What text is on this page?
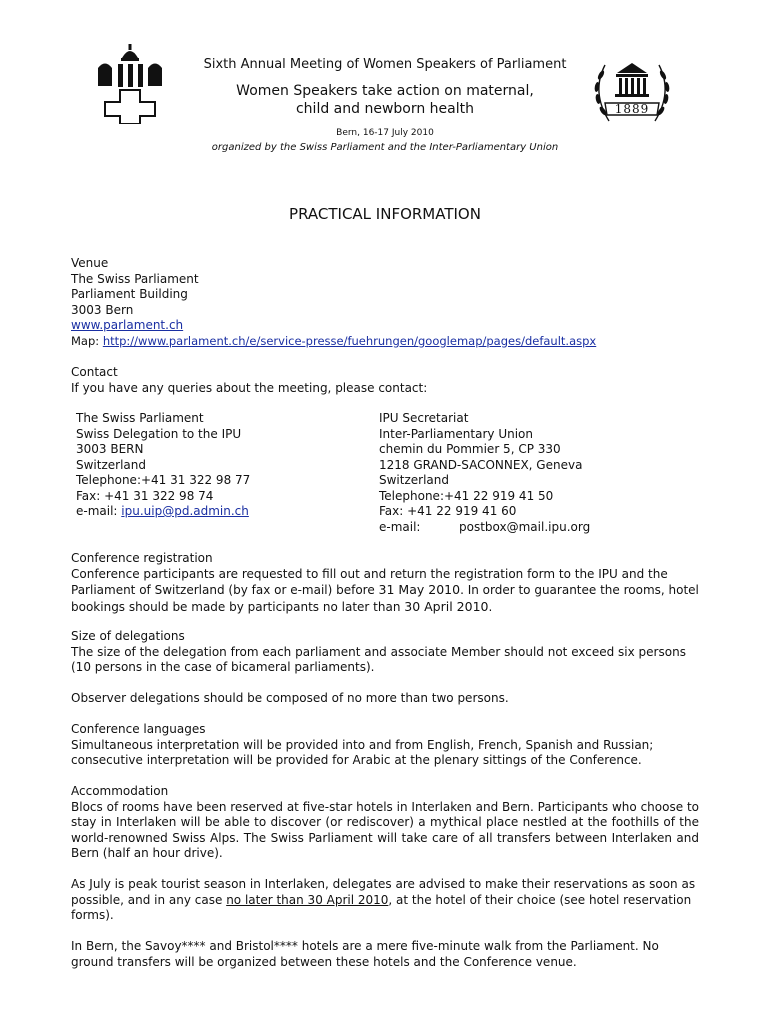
Sixth Annual Meeting of Women Speakers of Parliament
Women Speakers take action on maternal,
child and newborn health
Bern, 16-17 July 2010
organized by the Swiss Parliament and the Inter-Parliamentary Union
1889
PRACTICAL INFORMATION
Venue
The Swiss Parliament
Parliament Building
3003 Bern
www.parlament.ch
Map: http://www.parlament.ch/e/service-presse/fuehrungen/googlemap/pages/default.aspx
Contact
If you have any queries about the meeting, please contact:
The Swiss Parliament
Swiss Delegation to the IPU
3003 BERN
Switzerland
Telephone:+41 31 322 98 77
Fax: +41 31 322 98 74
e-mail: ipu.uip@pd.admin.ch
IPU Secretariat
Inter-Parliamentary Union
chemin du Pommier 5, CP 330
1218 GRAND-SACONNEX, Geneva
Switzerland
Telephone:+41 22 919 41 50
Fax: +41 22 919 41 60
e-mail:	postbox@mail.ipu.org
Conference registration
Conference participants are requested to fill out and return the registration form to the IPU and the Parliament of Switzerland (by fax or e-mail) before 31 May 2010. In order to guarantee the rooms, hotel bookings should be made by participants no later than 30 April 2010.
Size of delegations
The size of the delegation from each parliament and associate Member should not exceed six persons (10 persons in the case of bicameral parliaments).
Observer delegations should be composed of no more than two persons.
Conference languages
Simultaneous interpretation will be provided into and from English, French, Spanish and Russian; consecutive interpretation will be provided for Arabic at the plenary sittings of the Conference.
Accommodation
Blocs of rooms have been reserved at five-star hotels in Interlaken and Bern. Participants who choose to stay in Interlaken will be able to discover (or rediscover) a mythical place nestled at the foothills of the world-renowned Swiss Alps. The Swiss Parliament will take care of all transfers between Interlaken and Bern (half an hour drive).
As July is peak tourist season in Interlaken, delegates are advised to make their reservations as soon as possible, and in any case no later than 30 April 2010, at the hotel of their choice (see hotel reservation forms).
In Bern, the Savoy**** and Bristol**** hotels are a mere five-minute walk from the Parliament. No ground transfers will be organized between these hotels and the Conference venue.
